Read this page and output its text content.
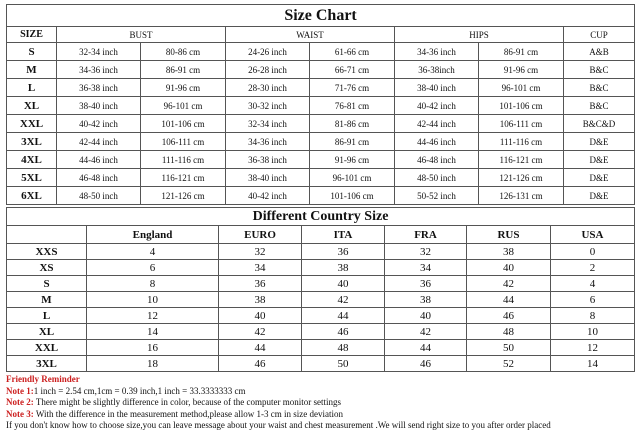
Size Chart							
SIZE	BUST		WAIST		HIPS		CUP
S	32-34 inch	80-86 cm	24-26 inch	61-66 cm	34-36 inch	86-91 cm	A&B
M	34-36 inch	86-91 cm	26-28 inch	66-71 cm	36-38inch	91-96 cm	B&C
L	36-38 inch	91-96 cm	28-30 inch	71-76 cm	38-40 inch	96-101 cm	B&C
XL	38-40 inch	96-101 cm	30-32 inch	76-81 cm	40-42 inch	101-106 cm	B&C
XXL	40-42 inch	101-106 cm	32-34 inch	81-86 cm	42-44 inch	106-111 cm	B&C&D
3XL	42-44 inch	106-111 cm	34-36 inch	86-91 cm	44-46 inch	111-116 cm	D&E
4XL	44-46 inch	111-116 cm	36-38 inch	91-96 cm	46-48 inch	116-121 cm	D&E
5XL	46-48 inch	116-121 cm	38-40 inch	96-101 cm	48-50 inch	121-126 cm	D&E
6XL	48-50 inch	121-126 cm	40-42 inch	101-106 cm	50-52 inch	126-131 cm	D&E
Different Country Size						
	England	EURO	ITA	FRA	RUS	USA
XXS	4	32	36	32	38	0
XS	6	34	38	34	40	2
S	8	36	40	36	42	4
M	10	38	42	38	44	6
L	12	40	44	40	46	8
XL	14	42	46	42	48	10
XXL	16	44	48	44	50	12
3XL	18	46	50	46	52	14
Friendly Reminder
Note 1:1 inch = 2.54 cm,1cm = 0.39 inch,1 inch = 33.3333333 cm
Note 2: There might be slightly difference in color, because of the computer monitor settings
Note 3: With the difference in the measurement method,please allow 1-3 cm in size deviation
If you don't know how to choose size,you can leave message about your waist and chest measurement .We will send right size to you after order placed
